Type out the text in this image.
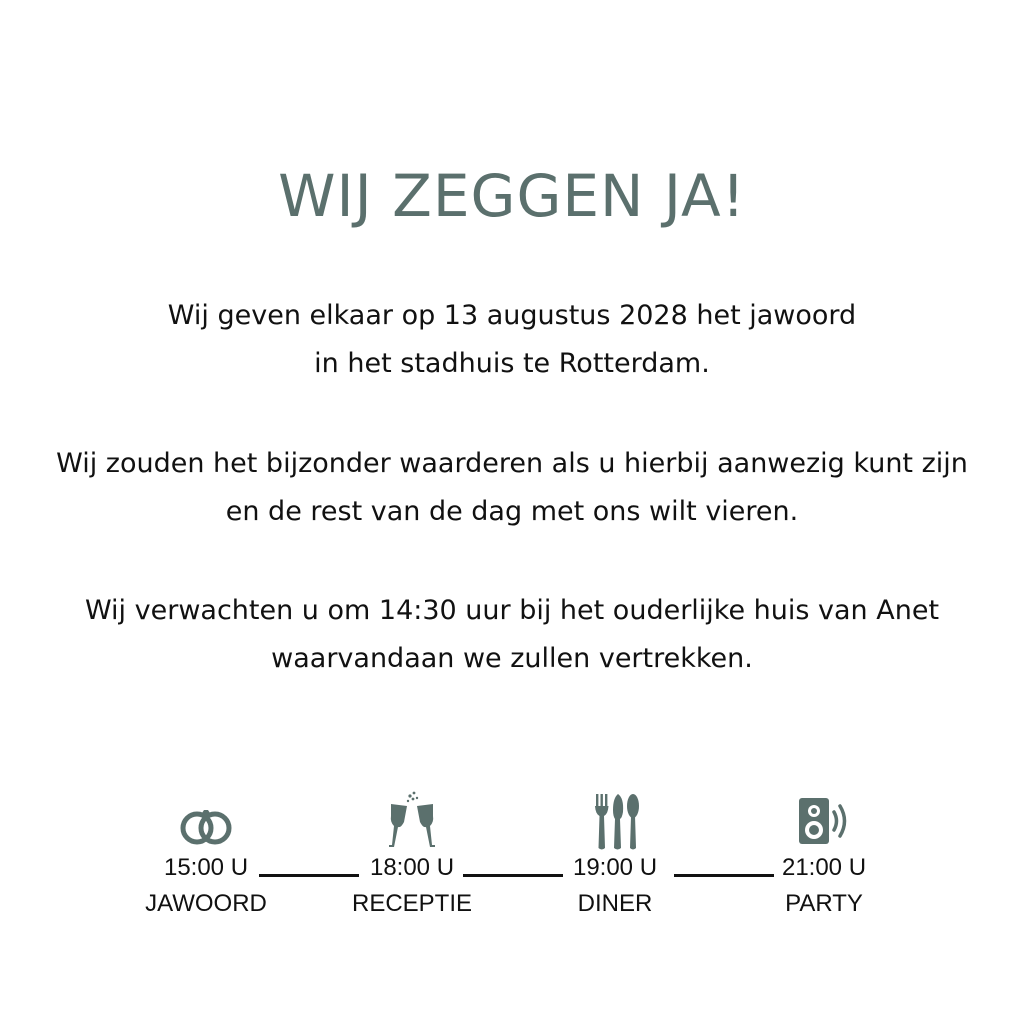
WIJ ZEGGEN JA!

Wij geven elkaar op 13 augustus 2028 het jawoord
in het stadhuis te Rotterdam.

Wij zouden het bijzonder waarderen als u hierbij aanwezig kunt zijn
en de rest van de dag met ons wilt vieren.

Wij verwachten u om 14:30 uur bij het ouderlijke huis van Anet
waarvandaan we zullen vertrekken.

15:00 U
JAWOORD
18:00 U
RECEPTIE
19:00 U
DINER
21:00 U
PARTY
